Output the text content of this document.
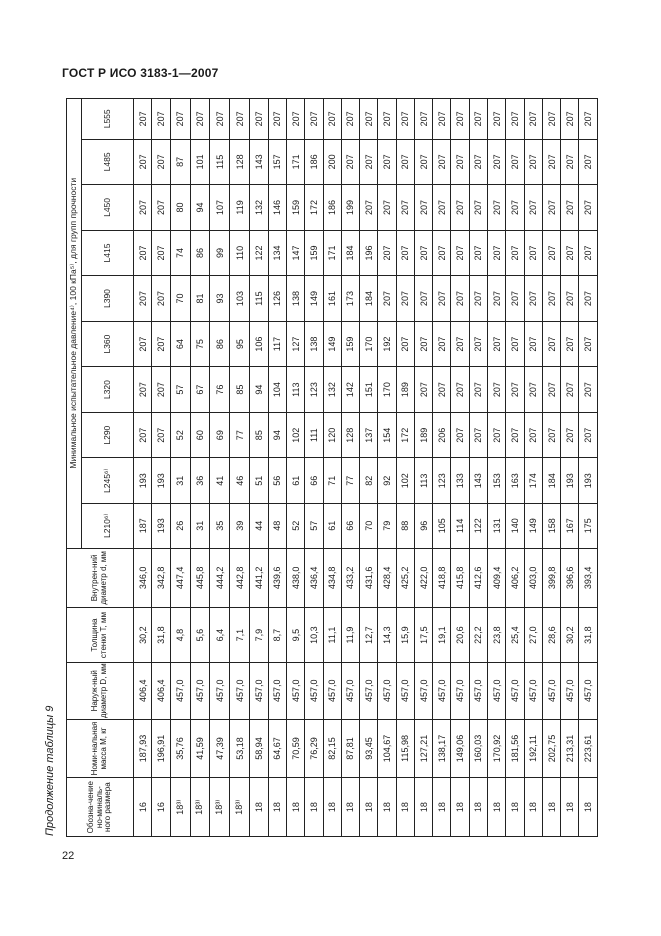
ГОСТ Р ИСО 3183-1—2007
Продолжение таблицы 9
22
Обозна-чение но-миналь-ного размера	Номи-нальная масса M, кг	Наруж-ный диаметр D, мм	Толщина стенки T, мм	Внутрен-ний диаметр d, мм	Минимальное испытательное давление⁴⁾, 100 кПа⁵⁾, для групп прочности									
					L210⁶⁾	L245⁶⁾	L290	L320	L360	L390	L415	L450	L485	L555
16	187,93	406,4	30,2	346,0	187	193	207	207	207	207	207	207	207	207
16	196,91	406,4	31,8	342,8	193	193	207	207	207	207	207	207	207	207
18³⁾	35,76	457,0	4,8	447,4	26	31	52	57	64	70	74	80	87	207
18³⁾	41,59	457,0	5,6	445,8	31	36	60	67	75	81	86	94	101	207
18³⁾	47,39	457,0	6,4	444,2	35	41	69	76	86	93	99	107	115	207
18³⁾	53,18	457,0	7,1	442,8	39	46	77	85	95	103	110	119	128	207
18	58,94	457,0	7,9	441,2	44	51	85	94	106	115	122	132	143	207
18	64,67	457,0	8,7	439,6	48	56	94	104	117	126	134	146	157	207
18	70,59	457,0	9,5	438,0	52	61	102	113	127	138	147	159	171	207
18	76,29	457,0	10,3	436,4	57	66	111	123	138	149	159	172	186	207
18	82,15	457,0	11,1	434,8	61	71	120	132	149	161	171	186	200	207
18	87,81	457,0	11,9	433,2	66	77	128	142	159	173	184	199	207	207
18	93,45	457,0	12,7	431,6	70	82	137	151	170	184	196	207	207	207
18	104,67	457,0	14,3	428,4	79	92	154	170	192	207	207	207	207	207
18	115,98	457,0	15,9	425,2	88	102	172	189	207	207	207	207	207	207
18	127,21	457,0	17,5	422,0	96	113	189	207	207	207	207	207	207	207
18	138,17	457,0	19,1	418,8	105	123	206	207	207	207	207	207	207	207
18	149,06	457,0	20,6	415,8	114	133	207	207	207	207	207	207	207	207
18	160,03	457,0	22,2	412,6	122	143	207	207	207	207	207	207	207	207
18	170,92	457,0	23,8	409,4	131	153	207	207	207	207	207	207	207	207
18	181,56	457,0	25,4	406,2	140	163	207	207	207	207	207	207	207	207
18	192,11	457,0	27,0	403,0	149	174	207	207	207	207	207	207	207	207
18	202,75	457,0	28,6	399,8	158	184	207	207	207	207	207	207	207	207
18	213,31	457,0	30,2	396,6	167	193	207	207	207	207	207	207	207	207
18	223,61	457,0	31,8	393,4	175	193	207	207	207	207	207	207	207	207
